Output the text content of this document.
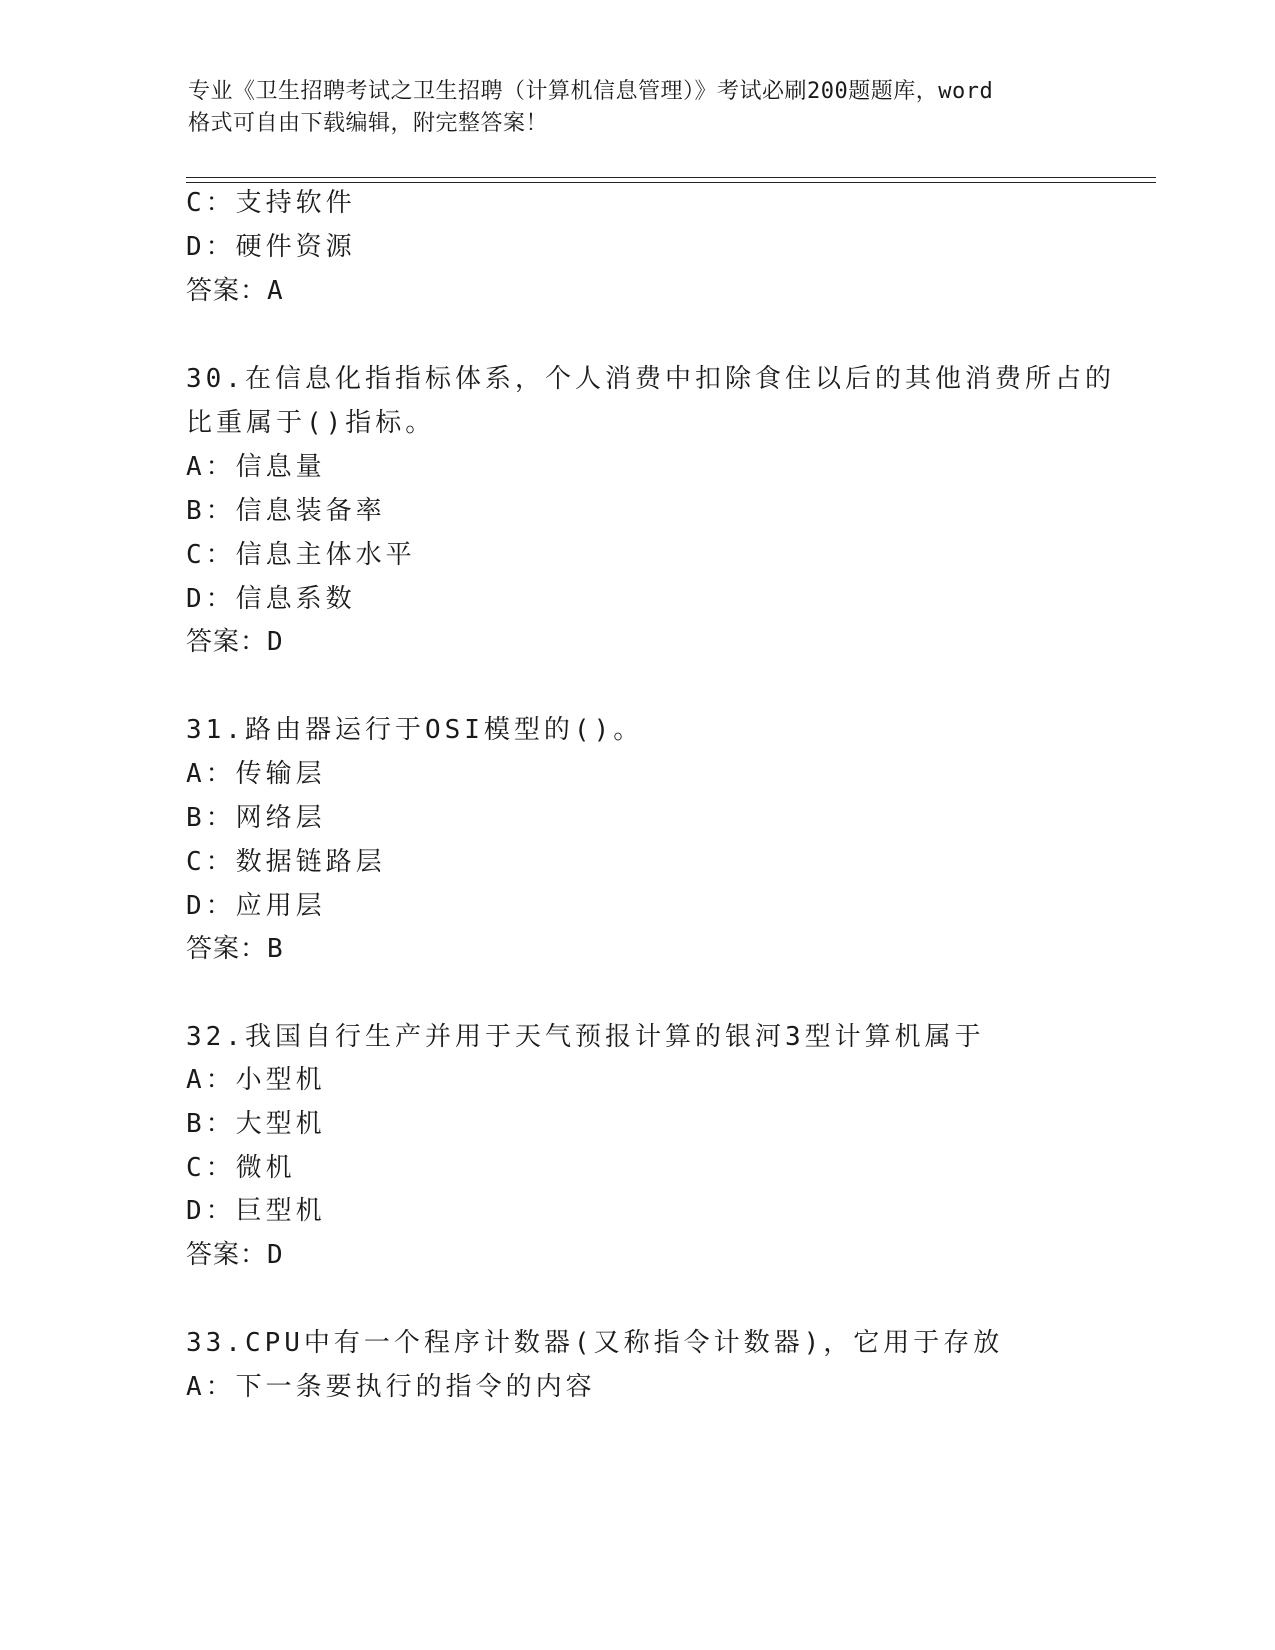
专业《卫生招聘考试之卫生招聘（计算机信息管理）》考试必刷200题题库，word
格式可自由下载编辑，附完整答案！
C：支持软件
D：硬件资源
答案：A
30.在信息化指指标体系，个人消费中扣除食住以后的其他消费所占的
比重属于()指标。
A：信息量
B：信息装备率
C：信息主体水平
D：信息系数
答案：D
31.路由器运行于OSI模型的()。
A：传输层
B：网络层
C：数据链路层
D：应用层
答案：B
32.我国自行生产并用于天气预报计算的银河3型计算机属于
A：小型机
B：大型机
C：微机
D：巨型机
答案：D
33.CPU中有一个程序计数器(又称指令计数器)，它用于存放
A：下一条要执行的指令的内容
